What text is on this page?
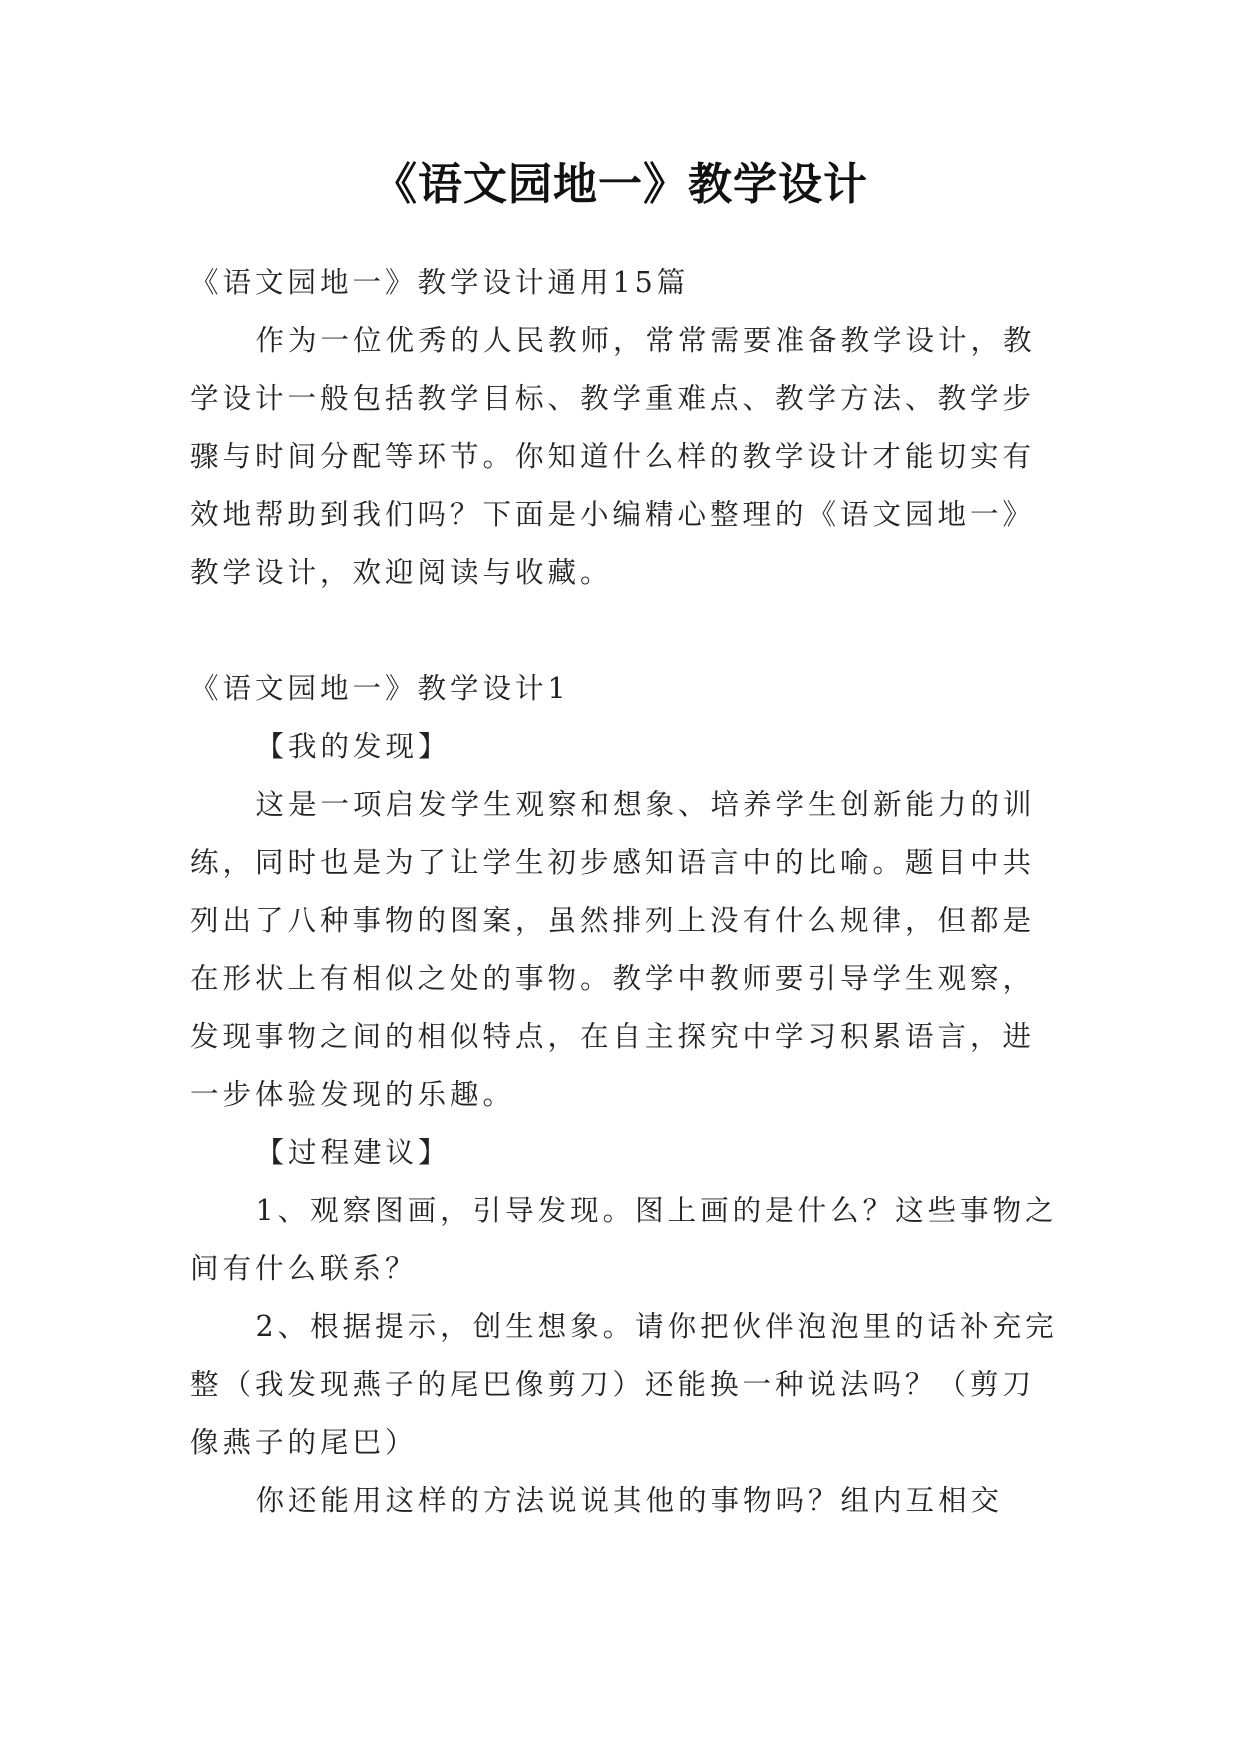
《语文园地一》教学设计

《语文园地一》教学设计通用15篇

作为一位优秀的人民教师，常常需要准备教学设计，教学设计一般包括教学目标、教学重难点、教学方法、教学步骤与时间分配等环节。你知道什么样的教学设计才能切实有效地帮助到我们吗？下面是小编精心整理的《语文园地一》教学设计，欢迎阅读与收藏。

《语文园地一》教学设计1

【我的发现】

这是一项启发学生观察和想象、培养学生创新能力的训练，同时也是为了让学生初步感知语言中的比喻。题目中共列出了八种事物的图案，虽然排列上没有什么规律，但都是在形状上有相似之处的事物。教学中教师要引导学生观察，发现事物之间的相似特点，在自主探究中学习积累语言，进一步体验发现的乐趣。

【过程建议】

1、观察图画，引导发现。图上画的是什么？这些事物之间有什么联系？

2、根据提示，创生想象。请你把伙伴泡泡里的话补充完整（我发现燕子的尾巴像剪刀）还能换一种说法吗？（剪刀像燕子的尾巴）

你还能用这样的方法说说其他的事物吗？组内互相交
